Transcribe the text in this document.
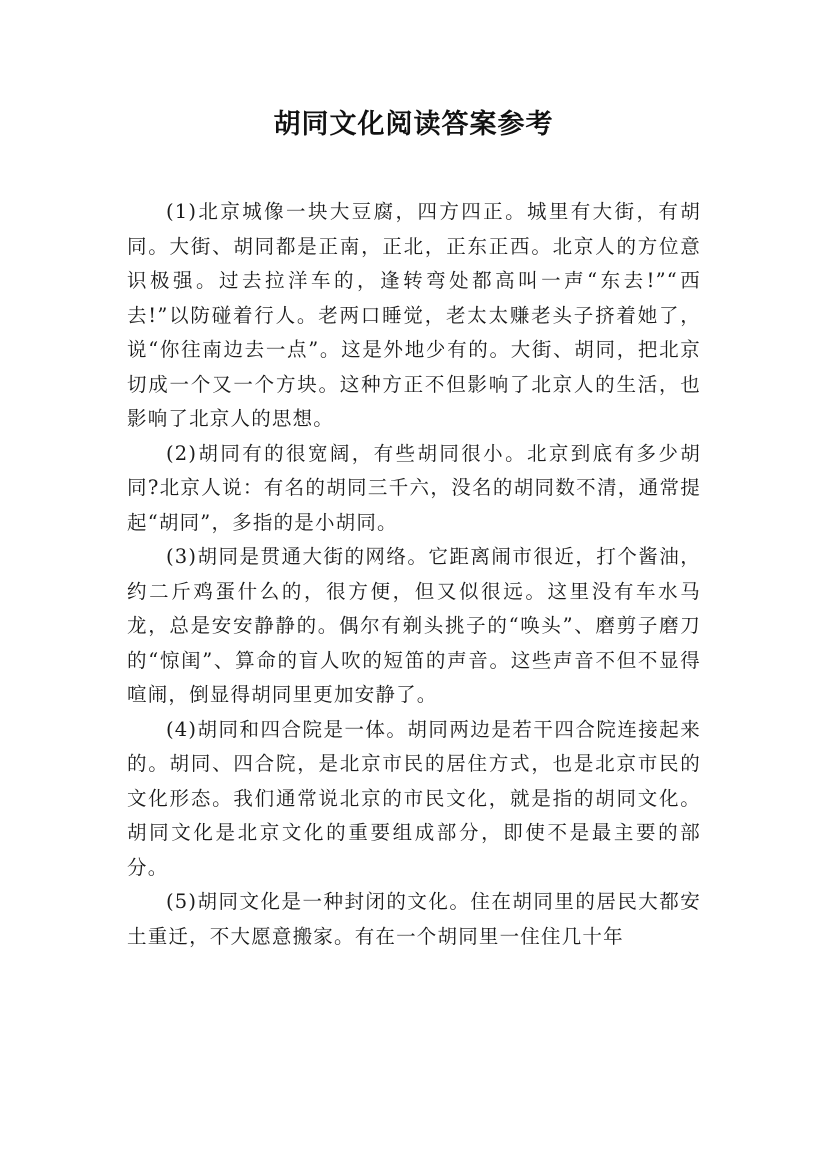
胡同文化阅读答案参考

(1)北京城像一块大豆腐，四方四正。城里有大街，有胡同。大街、胡同都是正南，正北，正东正西。北京人的方位意识极强。过去拉洋车的，逢转弯处都高叫一声“东去!”“西去!”以防碰着行人。老两口睡觉，老太太赚老头子挤着她了，说“你往南边去一点”。这是外地少有的。大街、胡同，把北京切成一个又一个方块。这种方正不但影响了北京人的生活，也影响了北京人的思想。

(2)胡同有的很宽阔，有些胡同很小。北京到底有多少胡同?北京人说：有名的胡同三千六，没名的胡同数不清，通常提起“胡同”，多指的是小胡同。

(3)胡同是贯通大街的网络。它距离闹市很近，打个酱油，约二斤鸡蛋什么的，很方便，但又似很远。这里没有车水马龙，总是安安静静的。偶尔有剃头挑子的“唤头”、磨剪子磨刀的“惊闺”、算命的盲人吹的短笛的声音。这些声音不但不显得喧闹，倒显得胡同里更加安静了。

(4)胡同和四合院是一体。胡同两边是若干四合院连接起来的。胡同、四合院，是北京市民的居住方式，也是北京市民的文化形态。我们通常说北京的市民文化，就是指的胡同文化。胡同文化是北京文化的重要组成部分，即使不是最主要的部分。

(5)胡同文化是一种封闭的文化。住在胡同里的居民大都安土重迁，不大愿意搬家。有在一个胡同里一住住几十年
